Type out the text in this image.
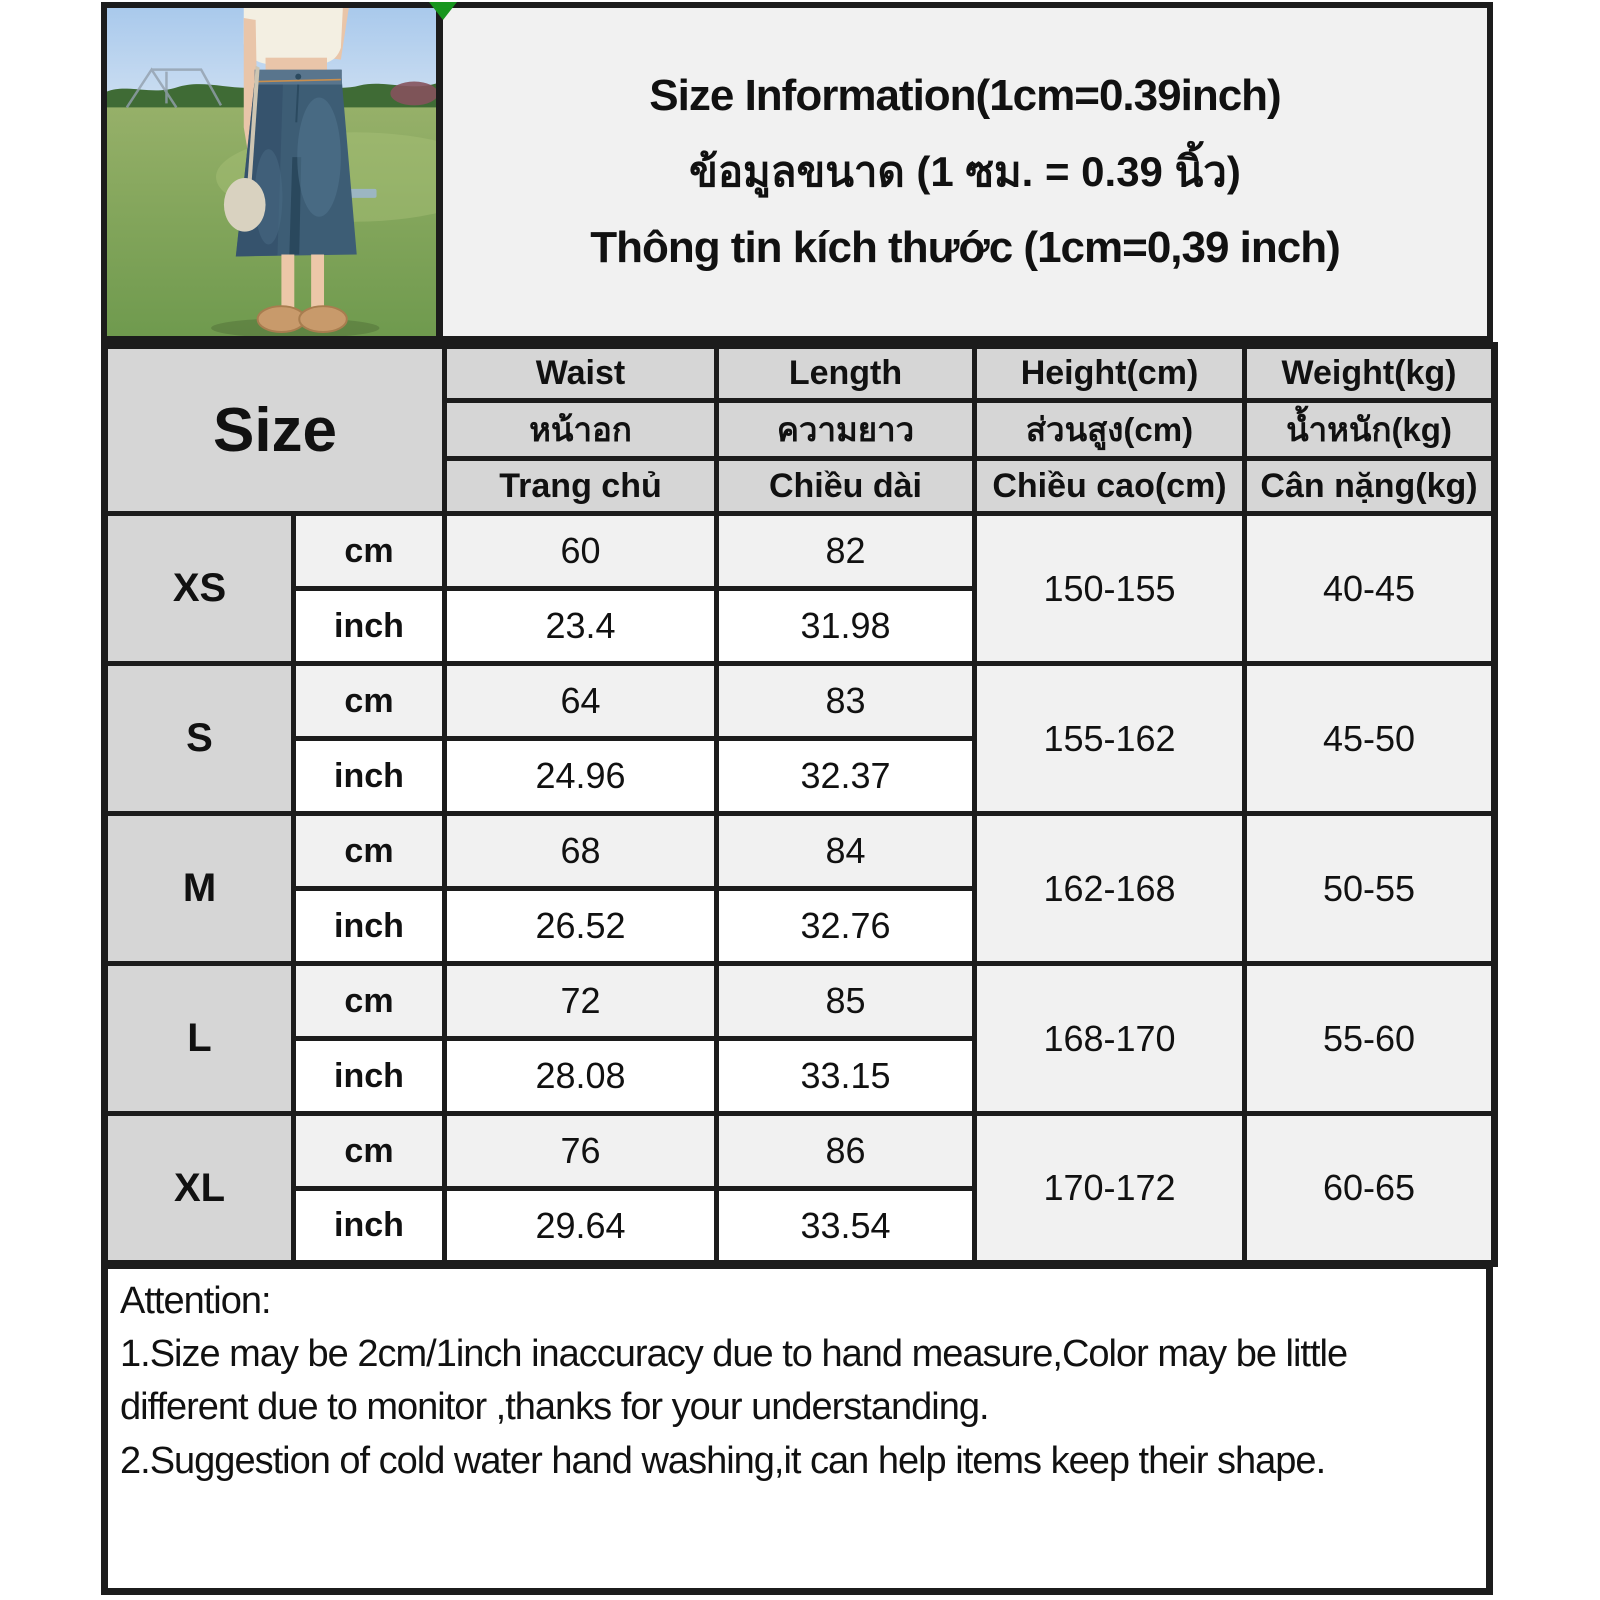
Size Information(1cm=0.39inch)
ข้อมูลขนาด (1 ซม. = 0.39 นิ้ว)
Thông tin kích thước (1cm=0,39 inch)
Size		Waist	Length	Height(cm)	Weight(kg)
		หน้าอก	ความยาว	ส่วนสูง(cm)	น้ำหนัก(kg)
		Trang chủ	Chiều dài	Chiều cao(cm)	Cân nặng(kg)
XS	cm	60	82	150-155	40-45
	inch	23.4	31.98		
S	cm	64	83	155-162	45-50
	inch	24.96	32.37		
M	cm	68	84	162-168	50-55
	inch	26.52	32.76		
L	cm	72	85	168-170	55-60
	inch	28.08	33.15		
XL	cm	76	86	170-172	60-65
	inch	29.64	33.54		

Attention:

1.Size may be 2cm/1inch inaccuracy due to hand measure,Color may be little different due to monitor ,thanks for your understanding.

2.Suggestion of cold water hand washing,it can help items keep their shape.
